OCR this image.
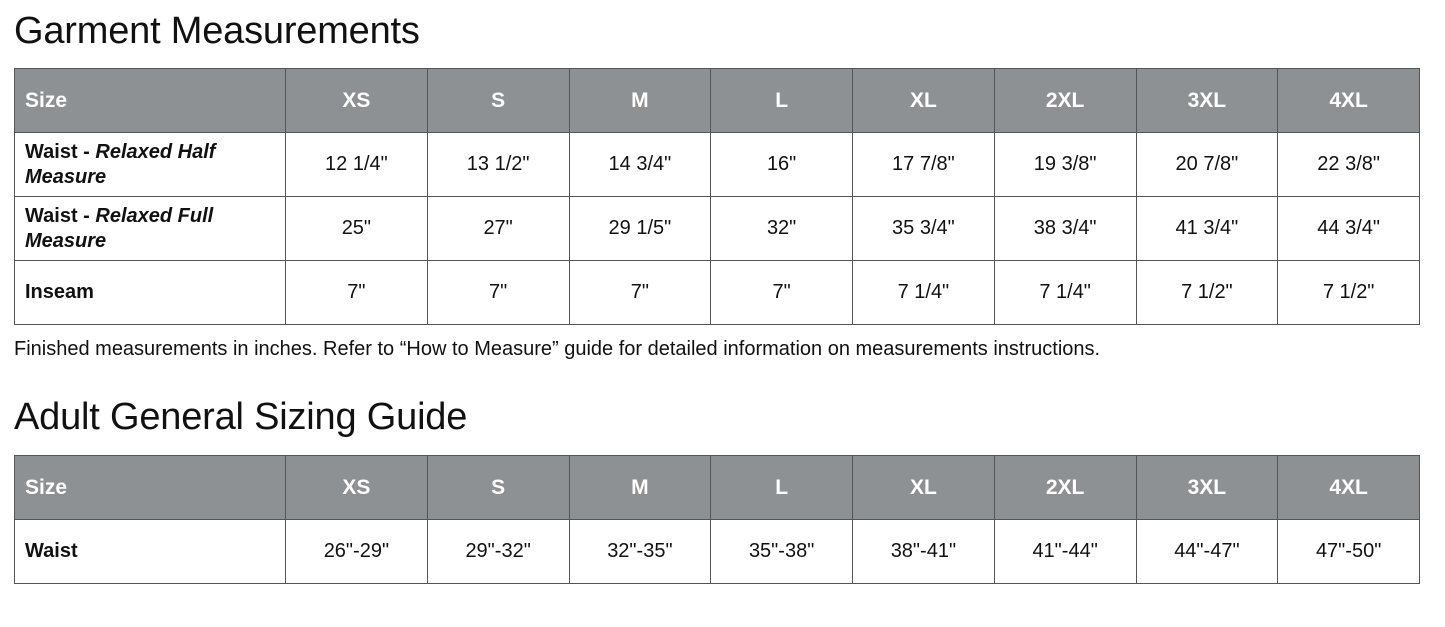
Garment Measurements
Size	XS	S	M	L	XL	2XL	3XL	4XL
Waist - Relaxed Half Measure	12 1/4"	13 1/2"	14 3/4"	16"	17 7/8"	19 3/8"	20 7/8"	22 3/8"
Waist - Relaxed Full Measure	25"	27"	29 1/5"	32"	35 3/4"	38 3/4"	41 3/4"	44 3/4"
Inseam	7"	7"	7"	7"	7 1/4"	7 1/4"	7 1/2"	7 1/2"

Finished measurements in inches. Refer to “How to Measure” guide for detailed information on measurements instructions.

Adult General Sizing Guide
Size	XS	S	M	L	XL	2XL	3XL	4XL
Waist	26"-29"	29"-32"	32"-35"	35"-38"	38"-41"	41"-44"	44"-47"	47"-50"
